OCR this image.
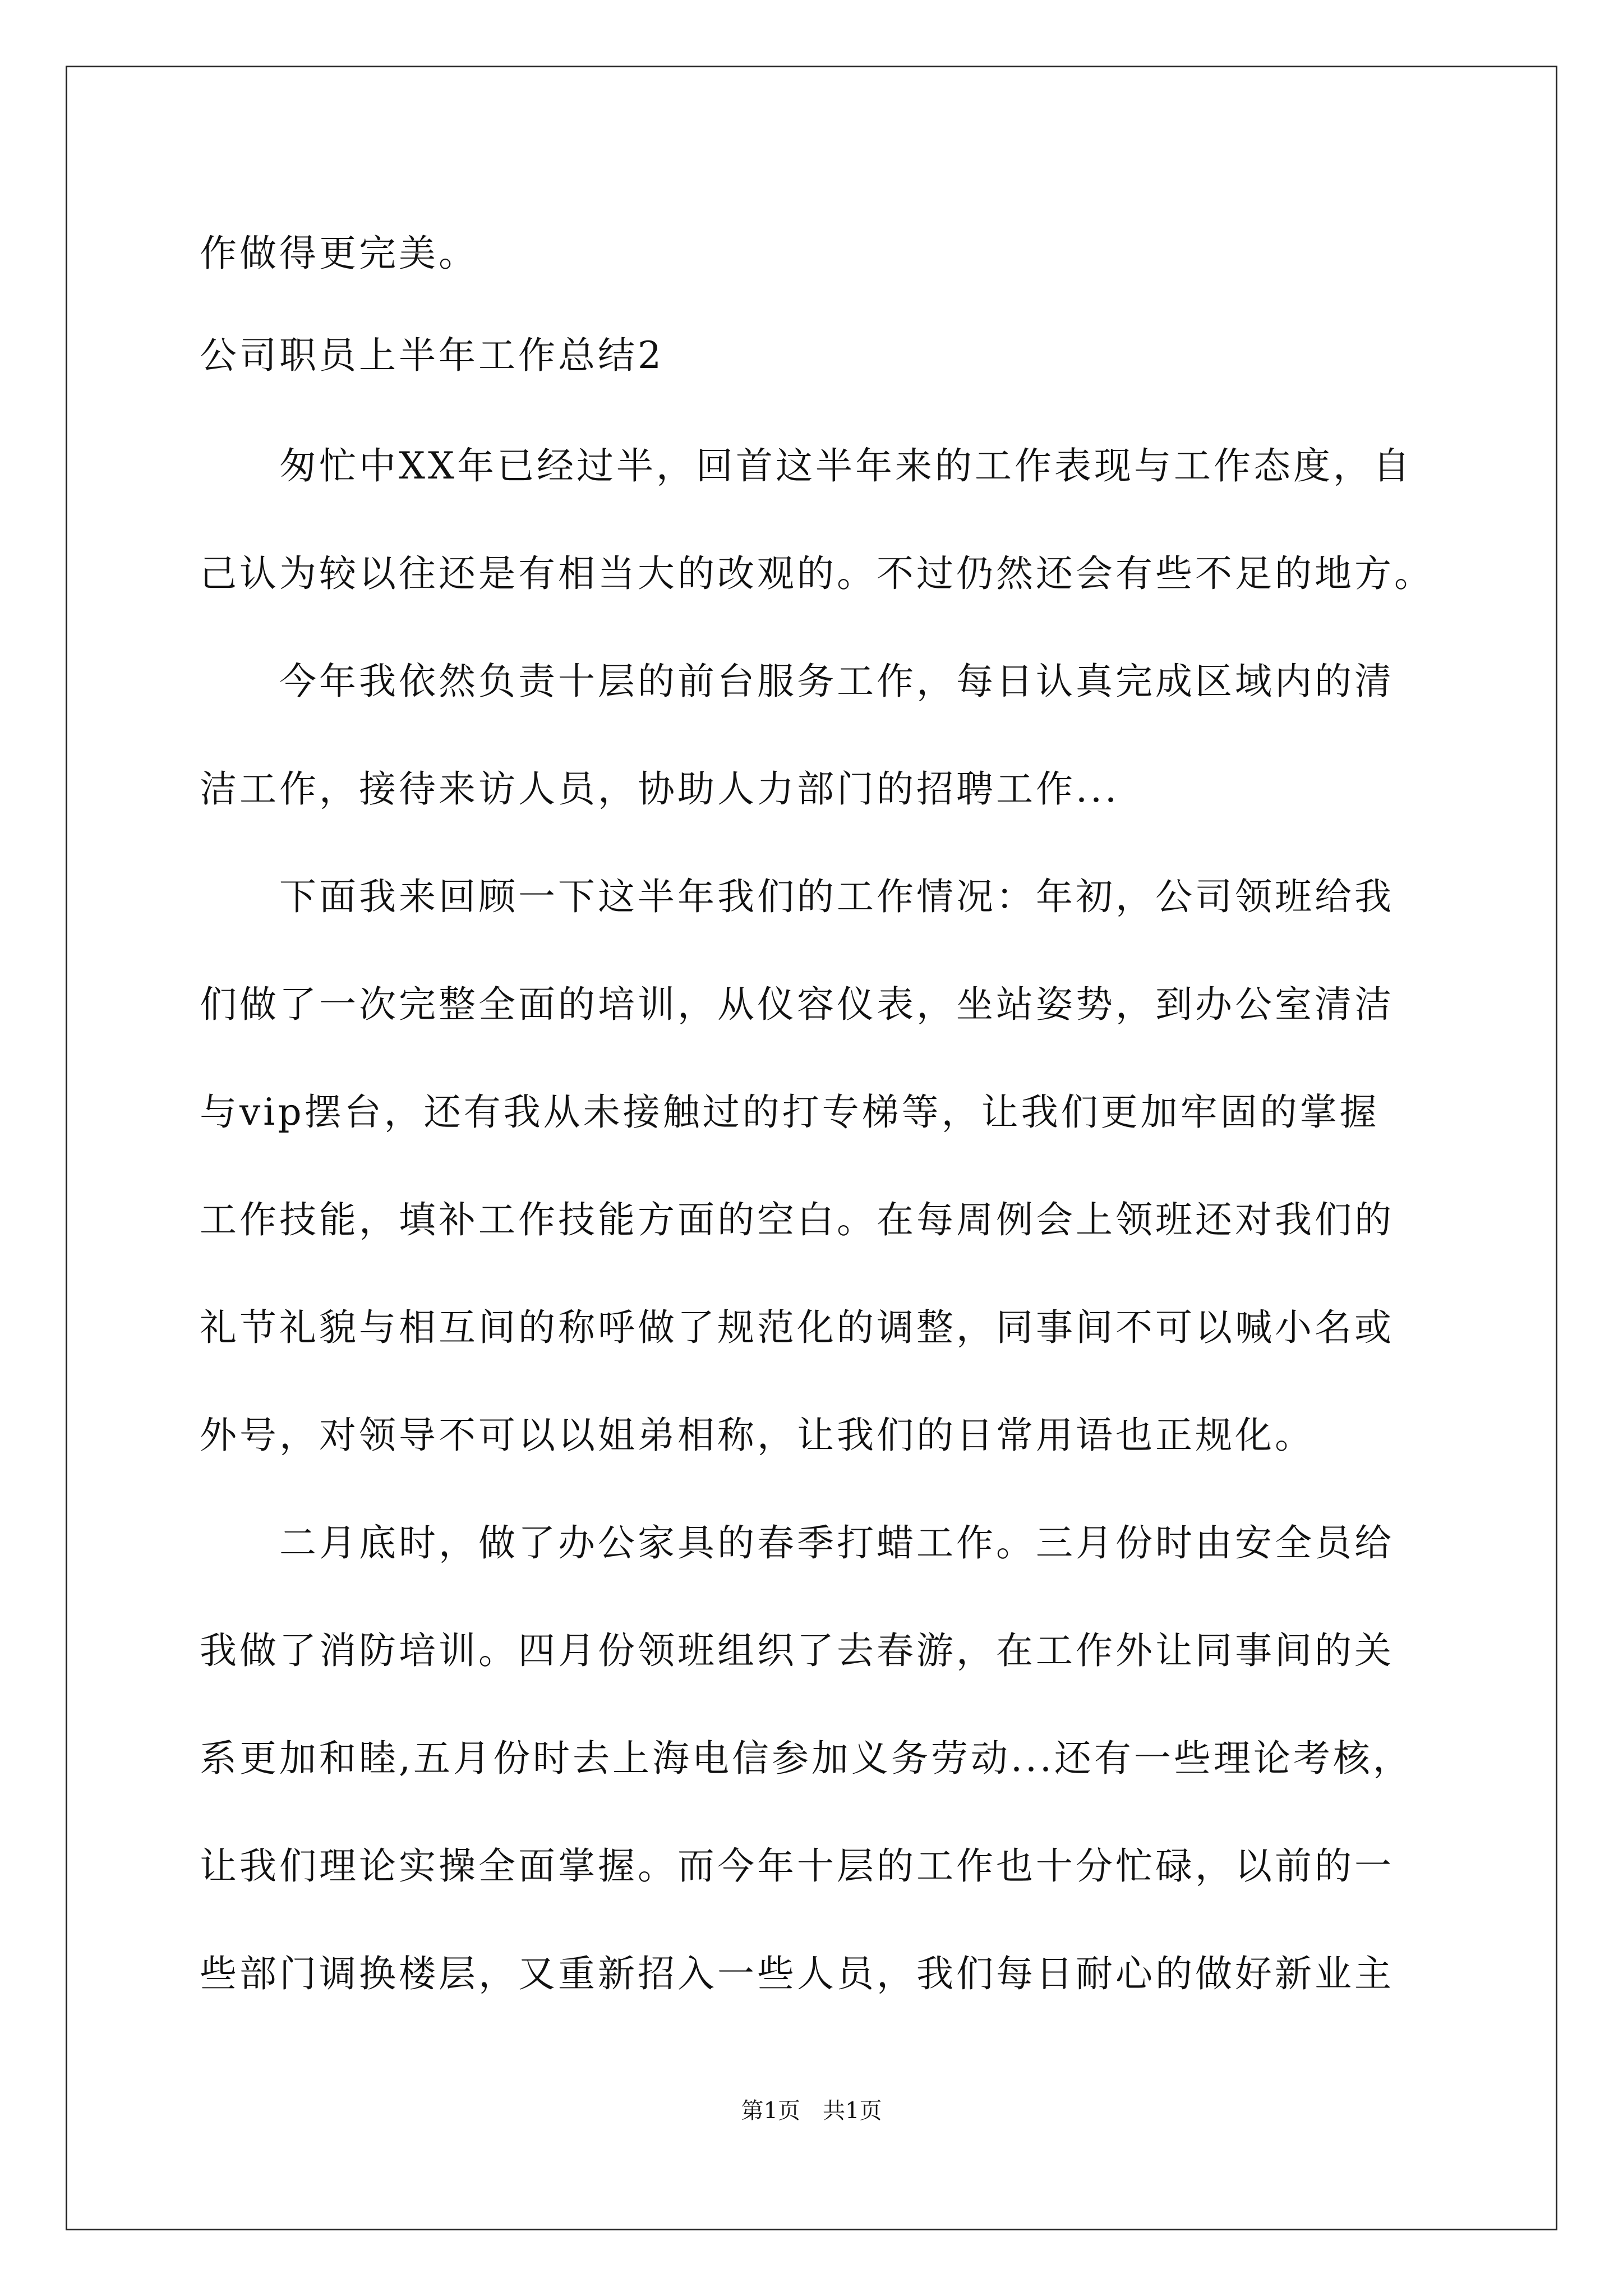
作做得更完美。
公司职员上半年工作总结2
　　匆忙中XX年已经过半，回首这半年来的工作表现与工作态度，自
己认为较以往还是有相当大的改观的。不过仍然还会有些不足的地方。
　　今年我依然负责十层的前台服务工作，每日认真完成区域内的清
洁工作，接待来访人员，协助人力部门的招聘工作...
　　下面我来回顾一下这半年我们的工作情况：年初，公司领班给我
们做了一次完整全面的培训，从仪容仪表，坐站姿势，到办公室清洁
与vip摆台，还有我从未接触过的打专梯等，让我们更加牢固的掌握
工作技能，填补工作技能方面的空白。在每周例会上领班还对我们的
礼节礼貌与相互间的称呼做了规范化的调整，同事间不可以喊小名或
外号，对领导不可以以姐弟相称，让我们的日常用语也正规化。
　　二月底时，做了办公家具的春季打蜡工作。三月份时由安全员给
我做了消防培训。四月份领班组织了去春游，在工作外让同事间的关
系更加和睦,五月份时去上海电信参加义务劳动...还有一些理论考核，
让我们理论实操全面掌握。而今年十层的工作也十分忙碌，以前的一
些部门调换楼层，又重新招入一些人员，我们每日耐心的做好新业主
第1页　共1页
